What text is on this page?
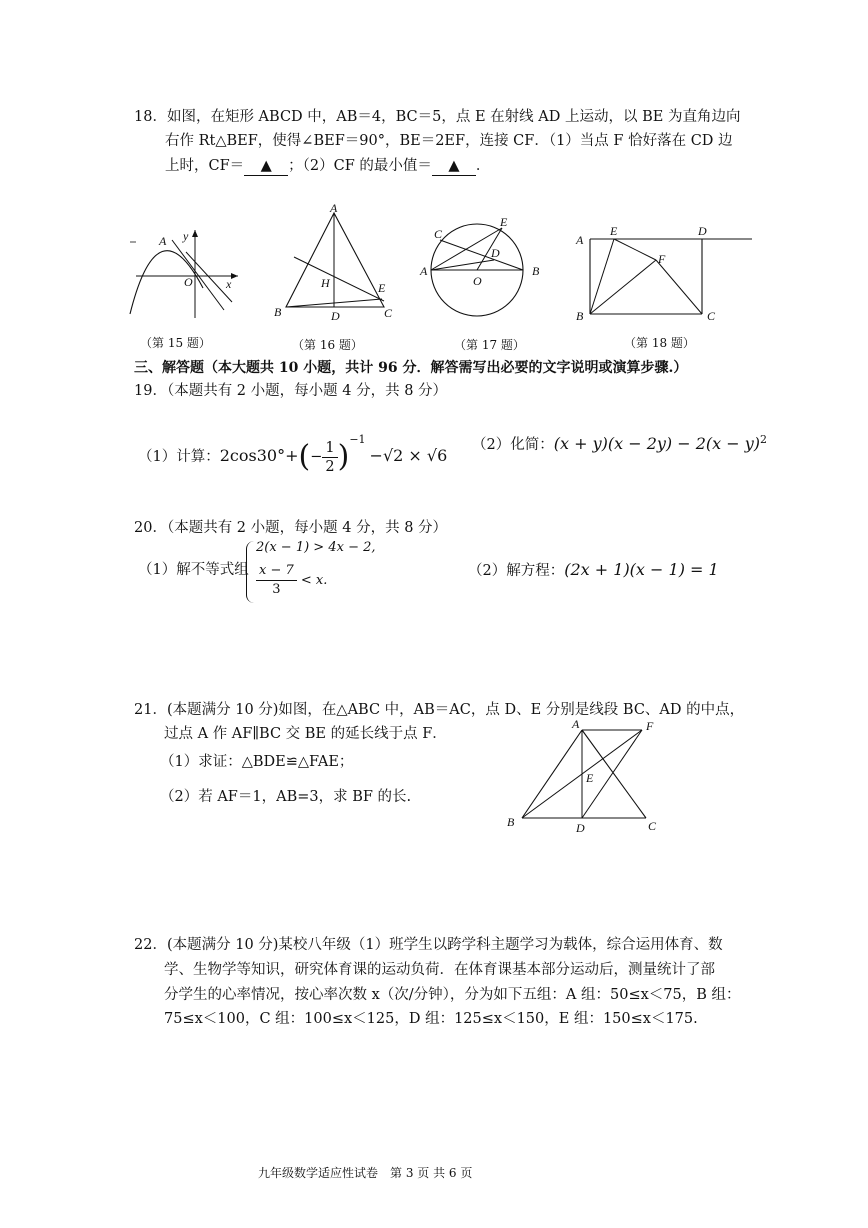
18．如图，在矩形 ABCD 中，AB＝4，BC＝5，点 E 在射线 AD 上运动，以 BE 为直角边向
右作 Rt△BEF，使得∠BEF＝90°，BE＝2EF，连接 CF．（1）当点 F 恰好落在 CD 边
上时，CF＝ ▲ ；（2）CF 的最小值＝ ▲ ．
A y
O	x
A
H	E
B	D	C
C
E
D
A
O
B
A
E	D
F
B	C
（第 15 题）	（第 16 题）	（第 17 题）	（第 18 题）
三、解答题（本大题共 10 小题，共计 96 分．解答需写出必要的文字说明或演算步骤.）
19．（本题共有 2 小题，每小题 4 分，共 8 分）
（1）计算：$2\cos 30^\circ+(- \frac{1}{2} )^{-1}-√2 \times √6$
（2）化简：$(x + y)(x - 2y) - 2(x - y)^2$
20．（本题共有 2 小题，每小题 4 分，共 8 分）
（1）解不等式组
2(x − 1) > 4x − 2,
$\frac{x - 7}{3} < x$.
（2）解方程：(2x + 1)(x − 1) = 1
21．(本题满分 10 分)如图，在△ABC 中，AB＝AC，点 D、E 分别是线段 BC、AD 的中点，
过点 A 作 AF∥BC 交 BE 的延长线于点 F．
（1）求证：△BDE≌△FAE；
（2）若 AF＝1，AB=3，求 BF 的长.
A	F
E
B	D	C
22．(本题满分 10 分)某校八年级（1）班学生以跨学科主题学习为载体，综合运用体育、数
学、生物学等知识，研究体育课的运动负荷．在体育课基本部分运动后，测量统计了部
分学生的心率情况，按心率次数 x（次/分钟），分为如下五组：A 组：50≤x＜75，B 组：
75≤x＜100，C 组：100≤x＜125，D 组：125≤x＜150，E 组：150≤x＜175.
九年级数学适应性试卷　第 3 页 共 6 页
